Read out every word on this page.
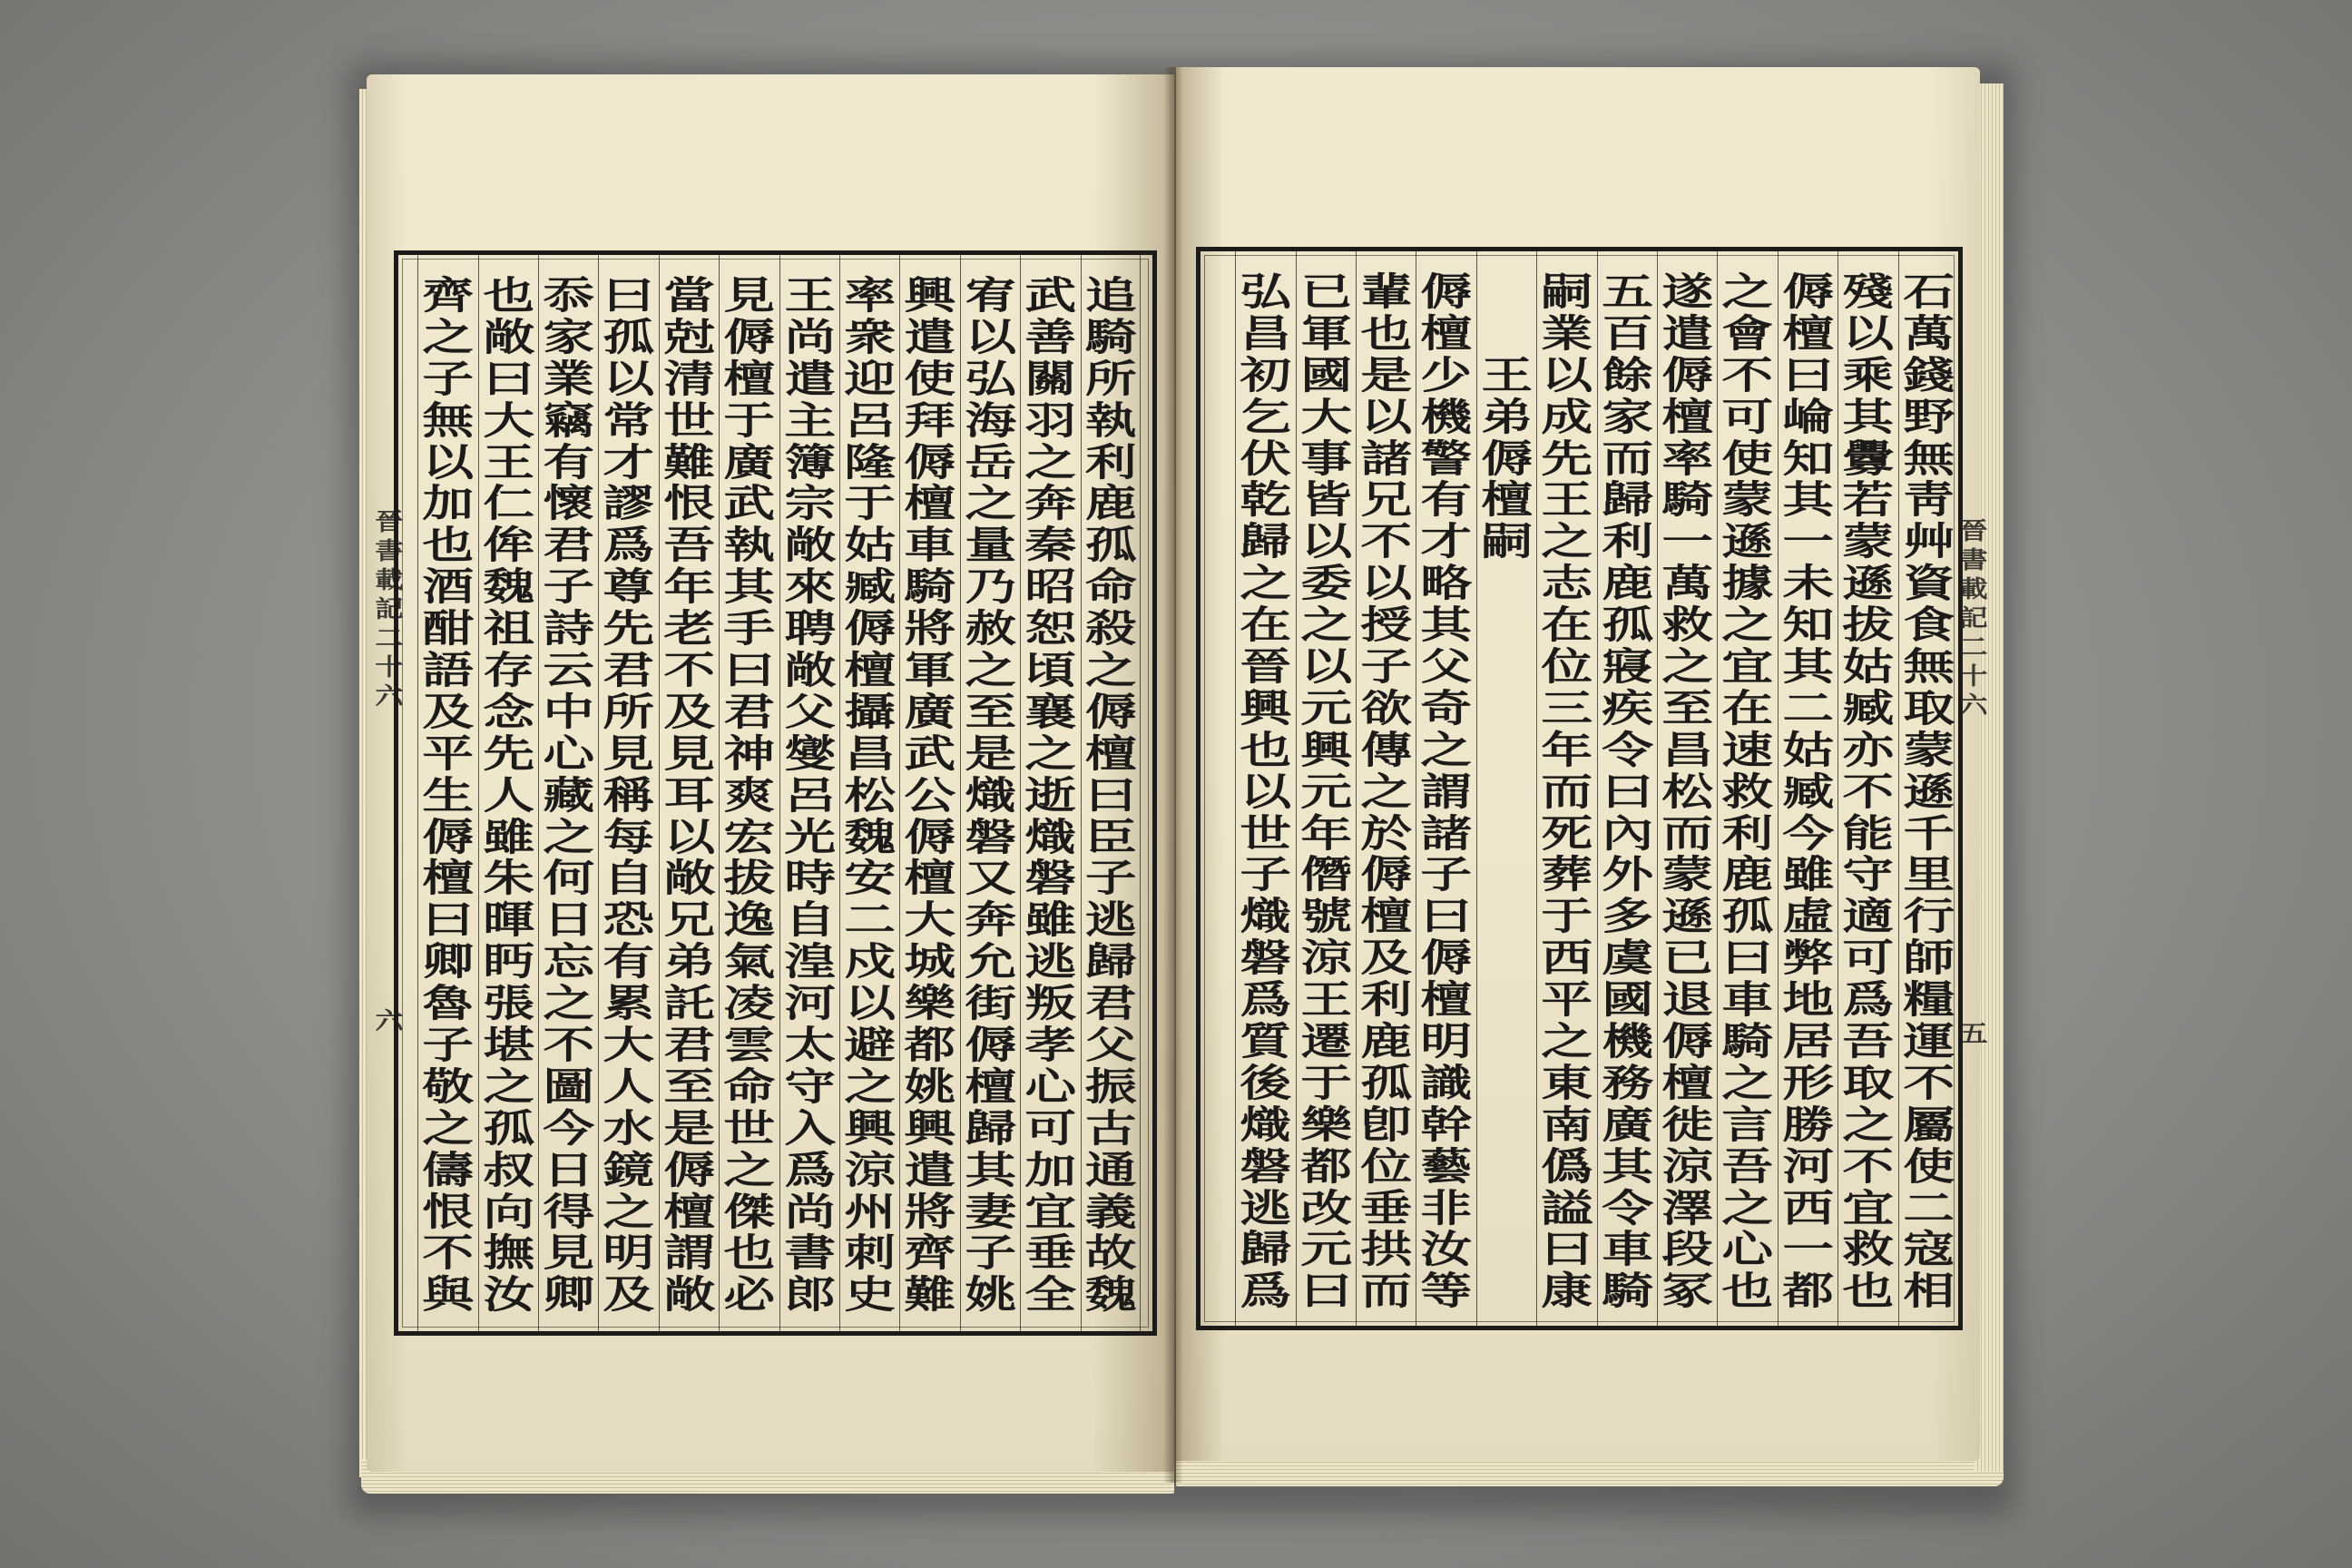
晉
書
載
記
二
十
六
六
晉
書
載
記
二
十
六
五
石
萬
錢
野
無
靑
艸
資
食
無
取
蒙
遜
千
里
行
師
糧
運
不
屬
使
二
寇
相
殘
以
乘
其
釁
若
蒙
遜
拔
姑
臧
亦
不
能
守
適
可
爲
吾
取
之
不
宜
救
也
傉
檀
曰
崘
知
其
一
未
知
其
二
姑
臧
今
雖
虛
弊
地
居
形
勝
河
西
一
都
之
會
不
可
使
蒙
遜
據
之
宜
在
速
救
利
鹿
孤
曰
車
騎
之
言
吾
之
心
也
遂
遣
傉
檀
率
騎
一
萬
救
之
至
昌
松
而
蒙
遜
已
退
傉
檀
徙
涼
澤
段
冢
五
百
餘
家
而
歸
利
鹿
孤
寢
疾
令
曰
內
外
多
虞
國
機
務
廣
其
令
車
騎
嗣
業
以
成
先
王
之
志
在
位
三
年
而
死
葬
于
西
平
之
東
南
僞
謚
曰
康
王
弟
傉
檀
嗣
傉
檀
少
機
警
有
才
略
其
父
奇
之
謂
諸
子
曰
傉
檀
明
識
幹
藝
非
汝
等
輩
也
是
以
諸
兄
不
以
授
子
欲
傳
之
於
傉
檀
及
利
鹿
孤
卽
位
垂
拱
而
已
軍
國
大
事
皆
以
委
之
以
元
興
元
年
僭
號
涼
王
遷
于
樂
都
改
元
曰
弘
昌
初
乞
伏
乾
歸
之
在
晉
興
也
以
世
子
熾
磐
爲
質
後
熾
磐
逃
歸
爲
追
騎
所
執
利
鹿
孤
命
殺
之
傉
檀
曰
臣
子
逃
歸
君
父
振
古
通
義
故
魏
武
善
關
羽
之
奔
秦
昭
恕
頃
襄
之
逝
熾
磐
雖
逃
叛
孝
心
可
加
宜
垂
全
宥
以
弘
海
岳
之
量
乃
赦
之
至
是
熾
磐
又
奔
允
街
傉
檀
歸
其
妻
子
姚
興
遣
使
拜
傉
檀
車
騎
將
軍
廣
武
公
傉
檀
大
城
樂
都
姚
興
遣
將
齊
難
率
衆
迎
呂
隆
于
姑
臧
傉
檀
攝
昌
松
魏
安
二
戍
以
避
之
興
涼
州
刺
史
王
尚
遣
主
簿
宗
敞
來
聘
敞
父
燮
呂
光
時
自
湟
河
太
守
入
爲
尚
書
郎
見
傉
檀
于
廣
武
執
其
手
曰
君
神
爽
宏
拔
逸
氣
凌
雲
命
世
之
傑
也
必
當
尅
清
世
難
恨
吾
年
老
不
及
見
耳
以
敞
兄
弟
託
君
至
是
傉
檀
謂
敞
曰
孤
以
常
才
謬
爲
尊
先
君
所
見
稱
每
自
恐
有
累
大
人
水
鏡
之
明
及
忝
家
業
竊
有
懷
君
子
詩
云
中
心
藏
之
何
日
忘
之
不
圖
今
日
得
見
卿
也
敞
曰
大
王
仁
侔
魏
祖
存
念
先
人
雖
朱
暉
眄
張
堪
之
孤
叔
向
撫
汝
齊
之
子
無
以
加
也
酒
酣
語
及
平
生
傉
檀
曰
卿
魯
子
敬
之
儔
恨
不
與
